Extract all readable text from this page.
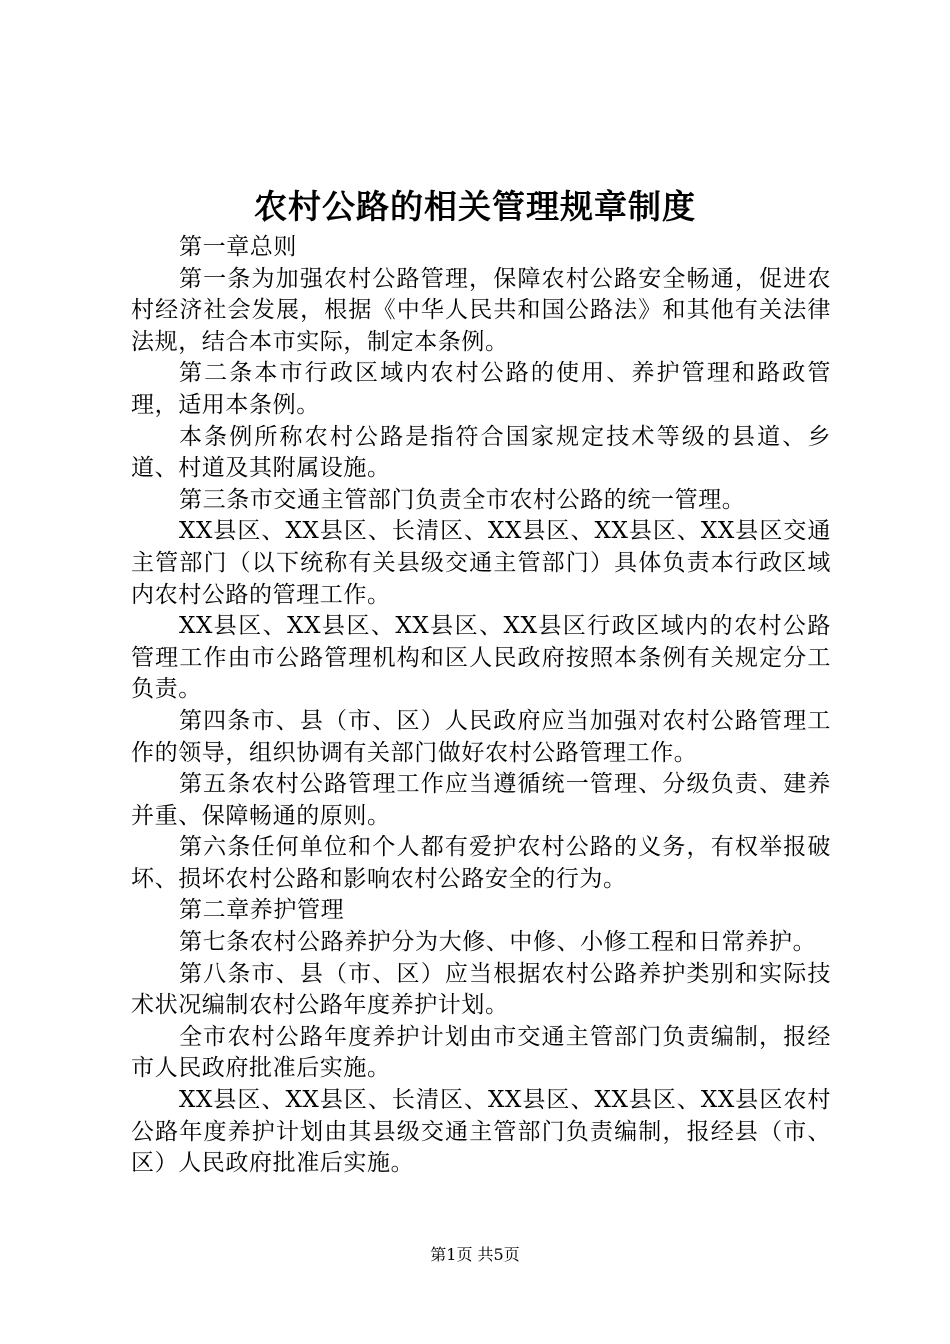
农村公路的相关管理规章制度

第一章总则

第一条为加强农村公路管理，保障农村公路安全畅通，促进农村经济社会发展，根据《中华人民共和国公路法》和其他有关法律法规，结合本市实际，制定本条例。

第二条本市行政区域内农村公路的使用、养护管理和路政管理，适用本条例。

本条例所称农村公路是指符合国家规定技术等级的县道、乡道、村道及其附属设施。

第三条市交通主管部门负责全市农村公路的统一管理。

XX县区、XX县区、长清区、XX县区、XX县区、XX县区交通主管部门（以下统称有关县级交通主管部门）具体负责本行政区域内农村公路的管理工作。

XX县区、XX县区、XX县区、XX县区行政区域内的农村公路管理工作由市公路管理机构和区人民政府按照本条例有关规定分工负责。

第四条市、县（市、区）人民政府应当加强对农村公路管理工作的领导，组织协调有关部门做好农村公路管理工作。

第五条农村公路管理工作应当遵循统一管理、分级负责、建养并重、保障畅通的原则。

第六条任何单位和个人都有爱护农村公路的义务，有权举报破坏、损坏农村公路和影响农村公路安全的行为。

第二章养护管理

第七条农村公路养护分为大修、中修、小修工程和日常养护。

第八条市、县（市、区）应当根据农村公路养护类别和实际技术状况编制农村公路年度养护计划。

全市农村公路年度养护计划由市交通主管部门负责编制，报经市人民政府批准后实施。

XX县区、XX县区、长清区、XX县区、XX县区、XX县区农村公路年度养护计划由其县级交通主管部门负责编制，报经县（市、区）人民政府批准后实施。

第1页 共5页
